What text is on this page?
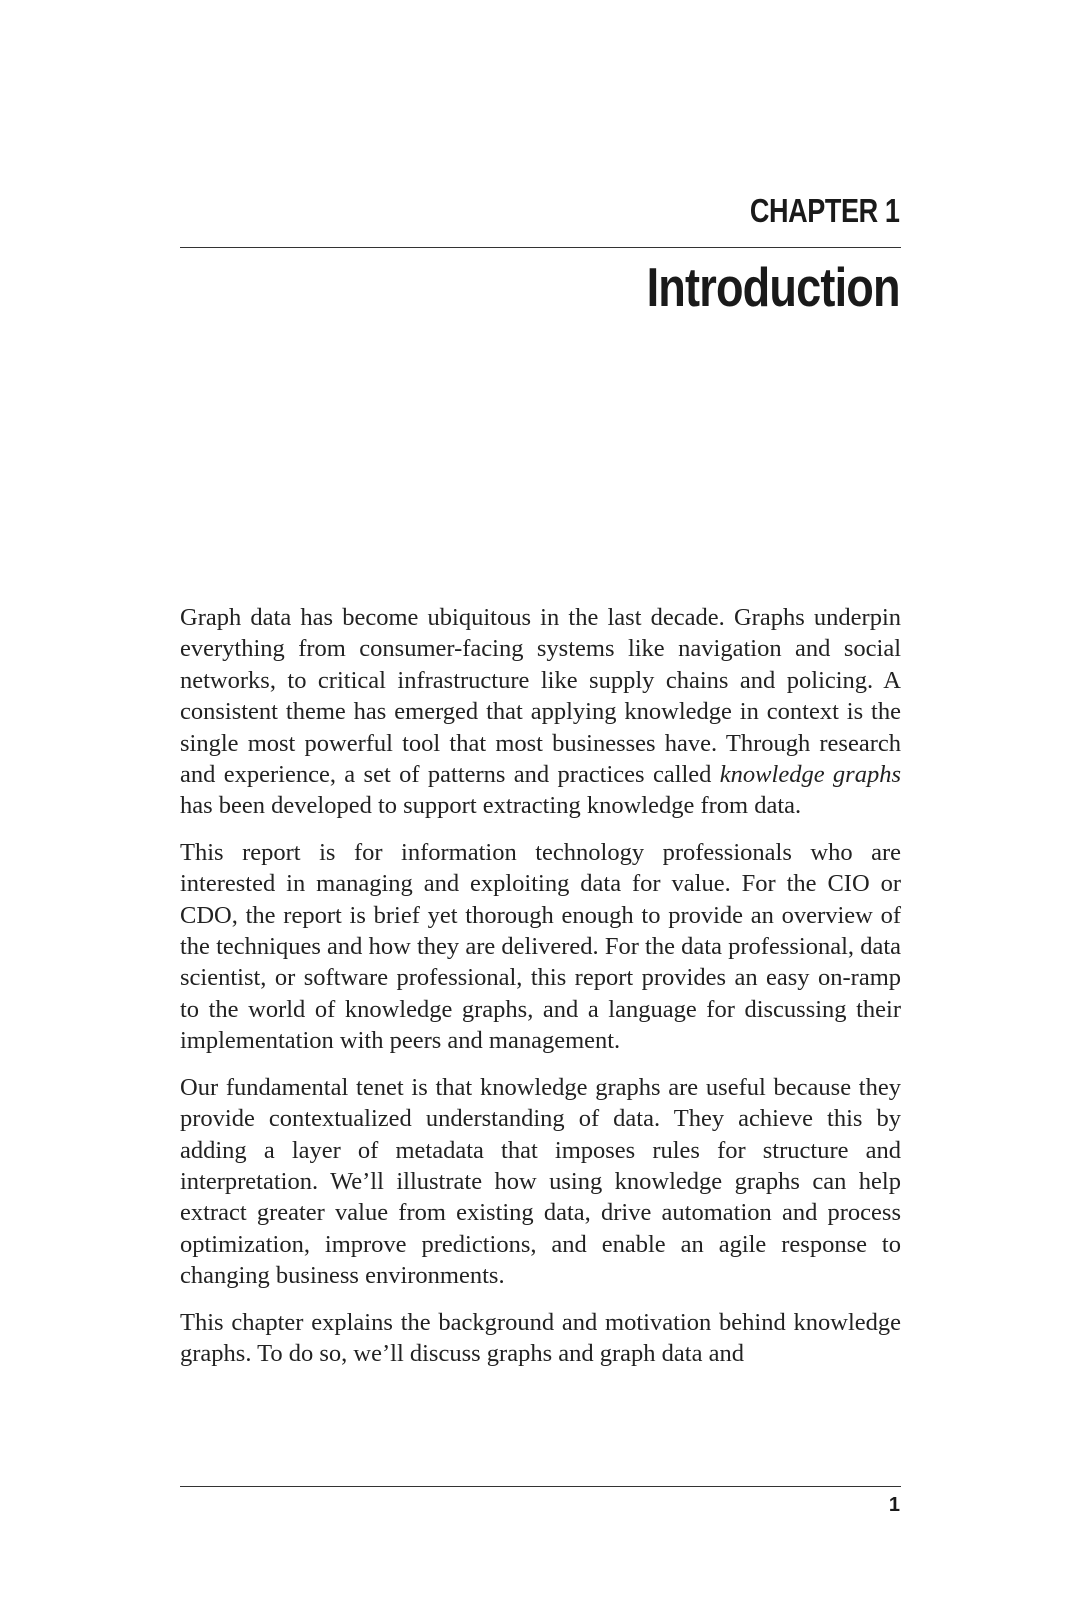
CHAPTER 1
Introduction

Graph data has become ubiquitous in the last decade. Graphs underpin everything from consumer-facing systems like navigation and social networks, to critical infrastructure like supply chains and policing. A consistent theme has emerged that applying knowledge in context is the single most powerful tool that most businesses have. Through research and experience, a set of patterns and practices called knowledge graphs has been developed to support extracting knowledge from data.

This report is for information technology professionals who are interested in managing and exploiting data for value. For the CIO or CDO, the report is brief yet thorough enough to provide an overview of the techniques and how they are delivered. For the data professional, data scientist, or software professional, this report provides an easy on-ramp to the world of knowledge graphs, and a language for discussing their implementation with peers and management.

Our fundamental tenet is that knowledge graphs are useful because they provide contextualized understanding of data. They achieve this by adding a layer of metadata that imposes rules for structure and interpretation. We’ll illustrate how using knowledge graphs can help extract greater value from existing data, drive automation and process optimization, improve predictions, and enable an agile response to changing business environments.

This chapter explains the background and motivation behind knowledge graphs. To do so, we’ll discuss graphs and graph data and

1
